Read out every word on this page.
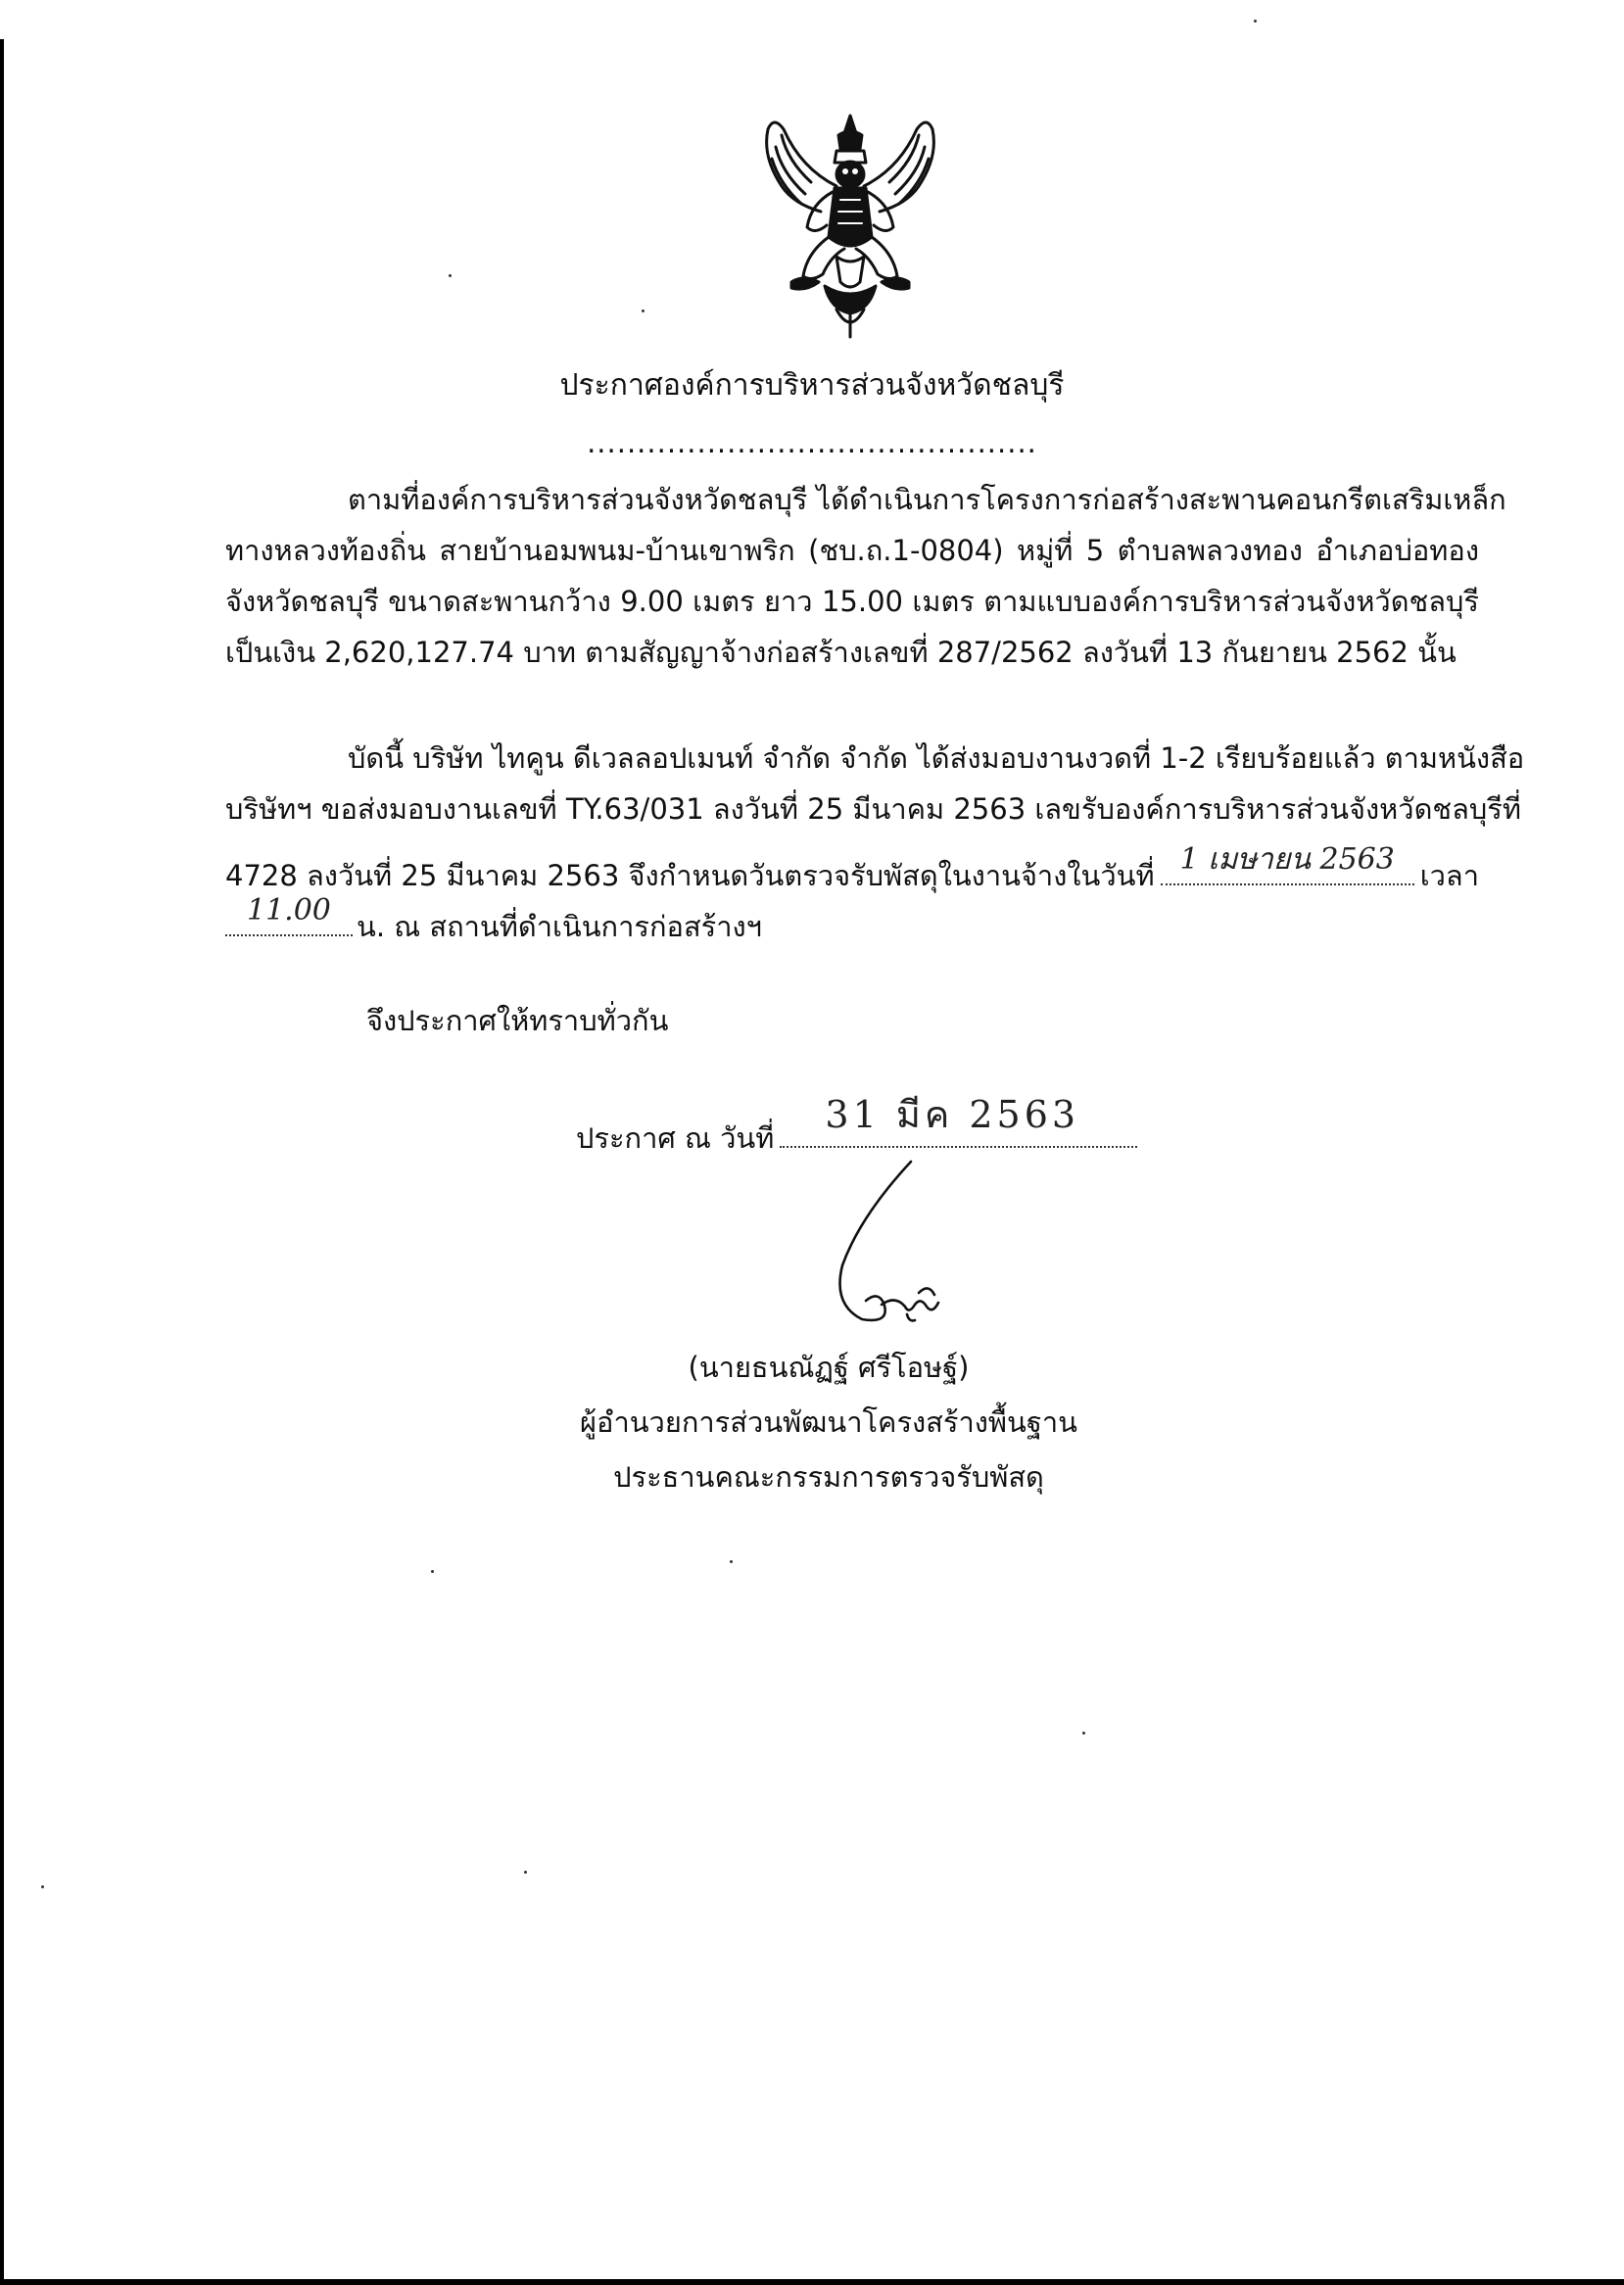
ประกาศองค์การบริหารส่วนจังหวัดชลบุรี
.............................................
ตามที่องค์การบริหารส่วนจังหวัดชลบุรี ได้ดำเนินการโครงการก่อสร้างสะพานคอนกรีตเสริมเหล็ก
ทางหลวงท้องถิ่น สายบ้านอมพนม-บ้านเขาพริก (ชบ.ถ.1-0804) หมู่ที่ 5 ตำบลพลวงทอง อำเภอบ่อทอง
จังหวัดชลบุรี ขนาดสะพานกว้าง 9.00 เมตร ยาว 15.00 เมตร ตามแบบองค์การบริหารส่วนจังหวัดชลบุรี
เป็นเงิน 2,620,127.74 บาท ตามสัญญาจ้างก่อสร้างเลขที่ 287/2562 ลงวันที่ 13 กันยายน 2562 นั้น
บัดนี้ บริษัท ไทคูน ดีเวลลอปเมนท์ จำกัด จำกัด ได้ส่งมอบงานงวดที่ 1-2 เรียบร้อยแล้ว ตามหนังสือ
บริษัทฯ ขอส่งมอบงานเลขที่ TY.63/031 ลงวันที่ 25 มีนาคม 2563 เลขรับองค์การบริหารส่วนจังหวัดชลบุรีที่
4728 ลงวันที่ 25 มีนาคม 2563 จึงกำหนดวันตรวจรับพัสดุในงานจ้างในวันที่ 1 เมษายน 2563 เวลา
11.00 น. ณ สถานที่ดำเนินการก่อสร้างฯ
จึงประกาศให้ทราบทั่วกัน
ประกาศ ณ วันที่
31 มีค 2563
(นายธนณัฏฐ์ ศรีโอษฐ์)
ผู้อำนวยการส่วนพัฒนาโครงสร้างพื้นฐาน
ประธานคณะกรรมการตรวจรับพัสดุ
